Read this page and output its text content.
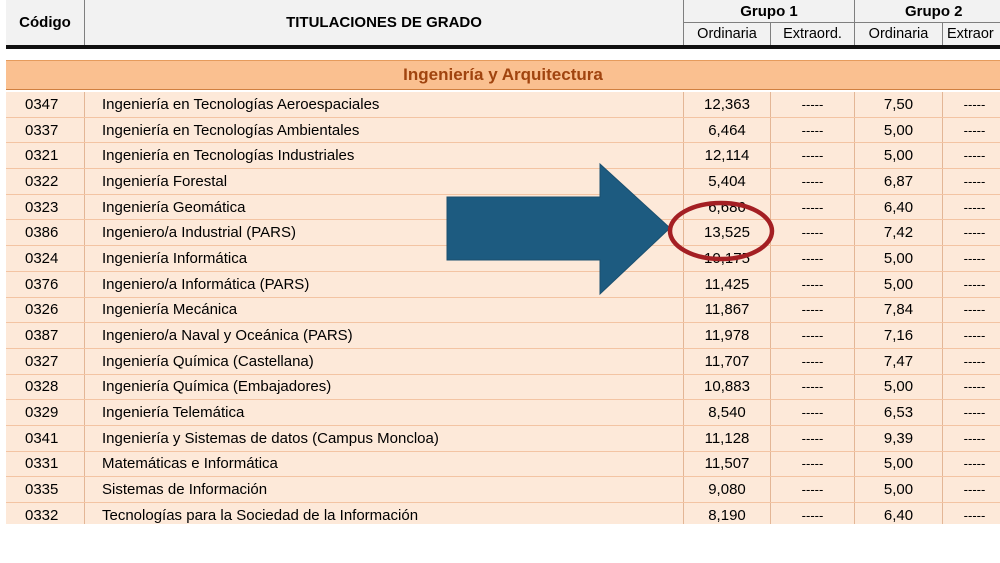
Código	TITULACIONES DE GRADO
Grupo 1	Grupo 2
Ordinaria Extraord. Ordinaria Extraor
Ingeniería y Arquitectura
0347	Ingeniería en Tecnologías Aeroespaciales	12,363	-----	7,50	-----
0337	Ingeniería en Tecnologías Ambientales	6,464	-----	5,00	-----
0321	Ingeniería en Tecnologías Industriales	12,114	-----	5,00	-----
0322	Ingeniería Forestal	5,404	-----	6,87	-----
0323	Ingeniería Geomática	6,686	-----	6,40	-----
0386	Ingeniero/a Industrial (PARS)	13,525	-----	7,42	-----
0324	Ingeniería Informática	10,175	-----	5,00	-----
0376	Ingeniero/a Informática (PARS)	11,425	-----	5,00	-----
0326	Ingeniería Mecánica	11,867	-----	7,84	-----
0387	Ingeniero/a Naval y Oceánica (PARS)	11,978	-----	7,16	-----
0327	Ingeniería Química (Castellana)	11,707	-----	7,47	-----
0328	Ingeniería Química (Embajadores)	10,883	-----	5,00	-----
0329	Ingeniería Telemática	8,540	-----	6,53	-----
0341	Ingeniería y Sistemas de datos (Campus Moncloa)	11,128	-----	9,39	-----
0331	Matemáticas e Informática	11,507	-----	5,00	-----
0335	Sistemas de Información	9,080	-----	5,00	-----
0332	Tecnologías para la Sociedad de la Información	8,190	-----	6,40	-----
